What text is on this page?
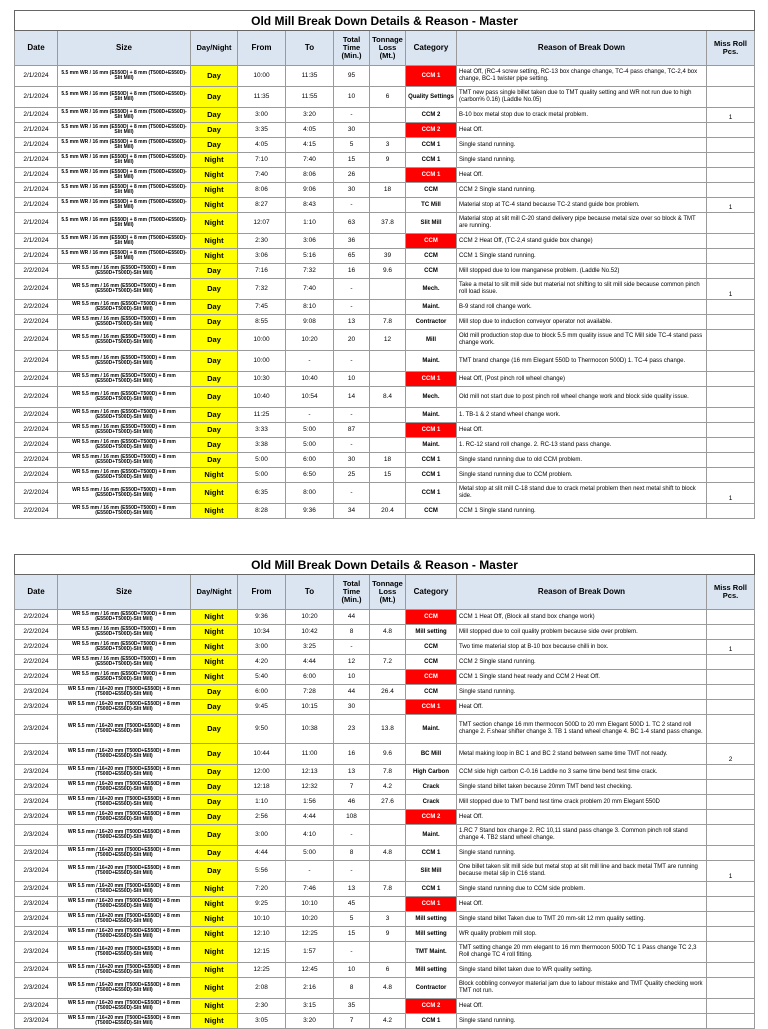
Old Mill Break Down Details & Reason - Master									
Date	Size	Day/Night	From	To	Total Time (Min.)	Tonnage Loss (Mt.)	Category	Reason of Break Down	Miss Roll Pcs.
2/1/2024	5.5 mm WR / 16 mm (E550D) + 8 mm (T500D+E550D)-Slit Mill)	Day	10:00	11:35	95		CCM 1	Heat Off, (RC-4 screw setting, RC-13 box change change, TC-4 pass change, TC-2,4 box change, BC-1 twister pipe setting.	
2/1/2024	5.5 mm WR / 16 mm (E550D) + 8 mm (T500D+E550D)-Slit Mill)	Day	11:35	11:55	10	6	Quality Settings	TMT new pass single billet taken due to TMT quality setting and WR not run due to high (carbon% 0.16) (Laddle No.05)	
2/1/2024	5.5 mm WR / 16 mm (E550D) + 8 mm (T500D+E550D)-Slit Mill)	Day	3:00	3:20	-		CCM 2	B-10 box metal stop due to crack metal problem.	1
2/1/2024	5.5 mm WR / 16 mm (E550D) + 8 mm (T500D+E550D)-Slit Mill)	Day	3:35	4:05	30		CCM 2	Heat Off.	
2/1/2024	5.5 mm WR / 16 mm (E550D) + 8 mm (T500D+E550D)-Slit Mill)	Day	4:05	4:15	5	3	CCM 1	Single stand running.	
2/1/2024	5.5 mm WR / 16 mm (E550D) + 8 mm (T500D+E550D)-Slit Mill)	Night	7:10	7:40	15	9	CCM 1	Single stand running.	
2/1/2024	5.5 mm WR / 16 mm (E550D) + 8 mm (T500D+E550D)-Slit Mill)	Night	7:40	8:06	26		CCM 1	Heat Off.	
2/1/2024	5.5 mm WR / 16 mm (E550D) + 8 mm (T500D+E550D)-Slit Mill)	Night	8:06	9:06	30	18	CCM	CCM 2 Single stand running.	
2/1/2024	5.5 mm WR / 16 mm (E550D) + 8 mm (T500D+E550D)-Slit Mill)	Night	8:27	8:43	-		TC Mill	Material stop at TC-4 stand because TC-2 stand guide box problem.	1
2/1/2024	5.5 mm WR / 16 mm (E550D) + 8 mm (T500D+E550D)-Slit Mill)	Night	12:07	1:10	63	37.8	Slit Mill	Material stop at slit mill C-20 stand delivery pipe because metal size over so block & TMT are running.	
2/1/2024	5.5 mm WR / 16 mm (E550D) + 8 mm (T500D+E550D)-Slit Mill)	Night	2:30	3:06	36		CCM	CCM 2 Heat Off, (TC-2,4 stand guide box change)	
2/1/2024	5.5 mm WR / 16 mm (E550D) + 8 mm (T500D+E550D)-Slit Mill)	Night	3:06	5:16	65	39	CCM	CCM 1 Single stand running.	
2/2/2024	WR 5.5 mm / 16 mm (E550D+T500D) + 8 mm (E550D+T500D)-Slit Mill)	Day	7:16	7:32	16	9.6	CCM	Mill stopped due to low manganese problem. (Laddle No.52)	
2/2/2024	WR 5.5 mm / 16 mm (E550D+T500D) + 8 mm (E550D+T500D)-Slit Mill)	Day	7:32	7:40	-		Mech.	Take a metal to slit mill side but material not shifting to slit mill side because common pinch roll load issue.	1
2/2/2024	WR 5.5 mm / 16 mm (E550D+T500D) + 8 mm (E550D+T500D)-Slit Mill)	Day	7:45	8:10	-		Maint.	B-9 stand roll change work.	
2/2/2024	WR 5.5 mm / 16 mm (E550D+T500D) + 8 mm (E550D+T500D)-Slit Mill)	Day	8:55	9:08	13	7.8	Contractor	Mill stop due to induction conveyor operator not available.	
2/2/2024	WR 5.5 mm / 16 mm (E550D+T500D) + 8 mm (E550D+T500D)-Slit Mill)	Day	10:00	10:20	20	12	Mill	Old mill production stop due to block 5.5 mm quality issue and TC Mill side TC-4 stand pass change work.	
2/2/2024	WR 5.5 mm / 16 mm (E550D+T500D) + 8 mm (E550D+T500D)-Slit Mill)	Day	10:00	-	-		Maint.	TMT brand change (16 mm Elegant 550D to Thermocon 500D) 1. TC-4 pass change.	
2/2/2024	WR 5.5 mm / 16 mm (E550D+T500D) + 8 mm (E550D+T500D)-Slit Mill)	Day	10:30	10:40	10		CCM 1	Heat Off, (Post pinch roll wheel change)	
2/2/2024	WR 5.5 mm / 16 mm (E550D+T500D) + 8 mm (E550D+T500D)-Slit Mill)	Day	10:40	10:54	14	8.4	Mech.	Old mill not start due to post pinch roll wheel change work and block side quality issue.	
2/2/2024	WR 5.5 mm / 16 mm (E550D+T500D) + 8 mm (E550D+T500D)-Slit Mill)	Day	11:25	-	-		Maint.	1. TB-1 & 2 stand wheel change work.	
2/2/2024	WR 5.5 mm / 16 mm (E550D+T500D) + 8 mm (E550D+T500D)-Slit Mill)	Day	3:33	5:00	87		CCM 1	Heat Off.	
2/2/2024	WR 5.5 mm / 16 mm (E550D+T500D) + 8 mm (E550D+T500D)-Slit Mill)	Day	3:38	5:00	-		Maint.	1. RC-12 stand roll change. 2. RC-13 stand pass change.	
2/2/2024	WR 5.5 mm / 16 mm (E550D+T500D) + 8 mm (E550D+T500D)-Slit Mill)	Day	5:00	6:00	30	18	CCM 1	Single stand running due to old CCM problem.	
2/2/2024	WR 5.5 mm / 16 mm (E550D+T500D) + 8 mm (E550D+T500D)-Slit Mill)	Night	5:00	6:50	25	15	CCM 1	Single stand running due to CCM problem.	
2/2/2024	WR 5.5 mm / 16 mm (E550D+T500D) + 8 mm (E550D+T500D)-Slit Mill)	Night	6:35	8:00	-		CCM 1	Metal stop at slit mill C-18 stand due to crack metal problem then next metal shift to block side.	1
2/2/2024	WR 5.5 mm / 16 mm (E550D+T500D) + 8 mm (E550D+T500D)-Slit Mill)	Night	8:28	9:36	34	20.4	CCM	CCM 1 Single stand running.	
Old Mill Break Down Details & Reason - Master									
Date	Size	Day/Night	From	To	Total Time (Min.)	Tonnage Loss (Mt.)	Category	Reason of Break Down	Miss Roll Pcs.
2/2/2024	WR 5.5 mm / 16 mm (E550D+T500D) + 8 mm (E550D+T500D)-Slit Mill)	Night	9:36	10:20	44		CCM	CCM 1 Heat Off, (Block all stand box change work)	
2/2/2024	WR 5.5 mm / 16 mm (E550D+T500D) + 8 mm (E550D+T500D)-Slit Mill)	Night	10:34	10:42	8	4.8	Mill setting	Mill stopped due to coil quality problem because side over problem.	
2/2/2024	WR 5.5 mm / 16 mm (E550D+T500D) + 8 mm (E550D+T500D)-Slit Mill)	Night	3:00	3:25	-		CCM	Two time material stop at B-10 box because chilli in box.	1
2/2/2024	WR 5.5 mm / 16 mm (E550D+T500D) + 8 mm (E550D+T500D)-Slit Mill)	Night	4:20	4:44	12	7.2	CCM	CCM 2 Single stand running.	
2/2/2024	WR 5.5 mm / 16 mm (E550D+T500D) + 8 mm (E550D+T500D)-Slit Mill)	Night	5:40	6:00	10		CCM	CCM 1 Single stand heat ready and CCM 2 Heat Off.	
2/3/2024	WR 5.5 mm / 16+20 mm (T500D+E550D) + 8 mm (T500D+E550D)-Slit Mill)	Day	6:00	7:28	44	26.4	CCM	Single stand running.	
2/3/2024	WR 5.5 mm / 16+20 mm (T500D+E550D) + 8 mm (T500D+E550D)-Slit Mill)	Day	9:45	10:15	30		CCM 1	Heat Off.	
2/3/2024	WR 5.5 mm / 16+20 mm (T500D+E550D) + 8 mm (T500D+E550D)-Slit Mill)	Day	9:50	10:38	23	13.8	Maint.	TMT section change 16 mm thermocon 500D to 20 mm Elegant 500D 1. TC 2 stand roll change 2. F.shear shifter change 3. TB 1 stand wheel change 4. BC 1-4 stand pass change.	
2/3/2024	WR 5.5 mm / 16+20 mm (T500D+E550D) + 8 mm (T500D+E550D)-Slit Mill)	Day	10:44	11:00	16	9.6	BC Mill	Metal making loop in BC 1 and BC 2 stand between same time TMT not ready.	2
2/3/2024	WR 5.5 mm / 16+20 mm (T500D+E550D) + 8 mm (T500D+E550D)-Slit Mill)	Day	12:00	12:13	13	7.8	High Carbon	CCM side high carbon C-0.16 Laddle no 3 same time bend test time crack.	
2/3/2024	WR 5.5 mm / 16+20 mm (T500D+E550D) + 8 mm (T500D+E550D)-Slit Mill)	Day	12:18	12:32	7	4.2	Crack	Single stand billet taken because 20mm TMT bend test checking.	
2/3/2024	WR 5.5 mm / 16+20 mm (T500D+E550D) + 8 mm (T500D+E550D)-Slit Mill)	Day	1:10	1:56	46	27.6	Crack	Mill stopped due to TMT bend test time crack problem 20 mm Elegant 550D	
2/3/2024	WR 5.5 mm / 16+20 mm (T500D+E550D) + 8 mm (T500D+E550D)-Slit Mill)	Day	2:56	4:44	108		CCM 2	Heat Off.	
2/3/2024	WR 5.5 mm / 16+20 mm (T500D+E550D) + 8 mm (T500D+E550D)-Slit Mill)	Day	3:00	4:10	-		Maint.	1.RC 7 Stand box change 2. RC 10,11 stand pass change 3. Common pinch roll stand change 4. TB2 stand wheel change.	
2/3/2024	WR 5.5 mm / 16+20 mm (T500D+E550D) + 8 mm (T500D+E550D)-Slit Mill)	Day	4:44	5:00	8	4.8	CCM 1	Single stand running.	
2/3/2024	WR 5.5 mm / 16+20 mm (T500D+E550D) + 8 mm (T500D+E550D)-Slit Mill)	Day	5:56	-	-		Slit Mill	One billet taken slit mill side but metal stop at slit mill line and back metal TMT are running because metal slip in C16 stand.	1
2/3/2024	WR 5.5 mm / 16+20 mm (T500D+E550D) + 8 mm (T500D+E550D)-Slit Mill)	Night	7:20	7:46	13	7.8	CCM 1	Single stand running due to CCM side problem.	
2/3/2024	WR 5.5 mm / 16+20 mm (T500D+E550D) + 8 mm (T500D+E550D)-Slit Mill)	Night	9:25	10:10	45		CCM 1	Heat Off.	
2/3/2024	WR 5.5 mm / 16+20 mm (T500D+E550D) + 8 mm (T500D+E550D)-Slit Mill)	Night	10:10	10:20	5	3	Mill setting	Single stand billet Taken due to TMT 20 mm-slit 12 mm quality setting.	
2/3/2024	WR 5.5 mm / 16+20 mm (T500D+E550D) + 8 mm (T500D+E550D)-Slit Mill)	Night	12:10	12:25	15	9	Mill setting	WR quality problem mill stop.	
2/3/2024	WR 5.5 mm / 16+20 mm (T500D+E550D) + 8 mm (T500D+E550D)-Slit Mill)	Night	12:15	1:57	-		TMT Maint.	TMT setting change 20 mm elegant to 16 mm thermocon 500D TC 1 Pass change TC 2,3 Roll change TC 4 roll fitting.	
2/3/2024	WR 5.5 mm / 16+20 mm (T500D+E550D) + 8 mm (T500D+E550D)-Slit Mill)	Night	12:25	12:45	10	6	Mill setting	Single stand billet taken due to WR quality setting.	
2/3/2024	WR 5.5 mm / 16+20 mm (T500D+E550D) + 8 mm (T500D+E550D)-Slit Mill)	Night	2:08	2:16	8	4.8	Contractor	Block cobbling conveyor material jam due to labour mistake and TMT Quality checking work TMT not run.	
2/3/2024	WR 5.5 mm / 16+20 mm (T500D+E550D) + 8 mm (T500D+E550D)-Slit Mill)	Night	2:30	3:15	35		CCM 2	Heat Off.	
2/3/2024	WR 5.5 mm / 16+20 mm (T500D+E550D) + 8 mm (T500D+E550D)-Slit Mill)	Night	3:05	3:20	7	4.2	CCM 1	Single stand running.	
